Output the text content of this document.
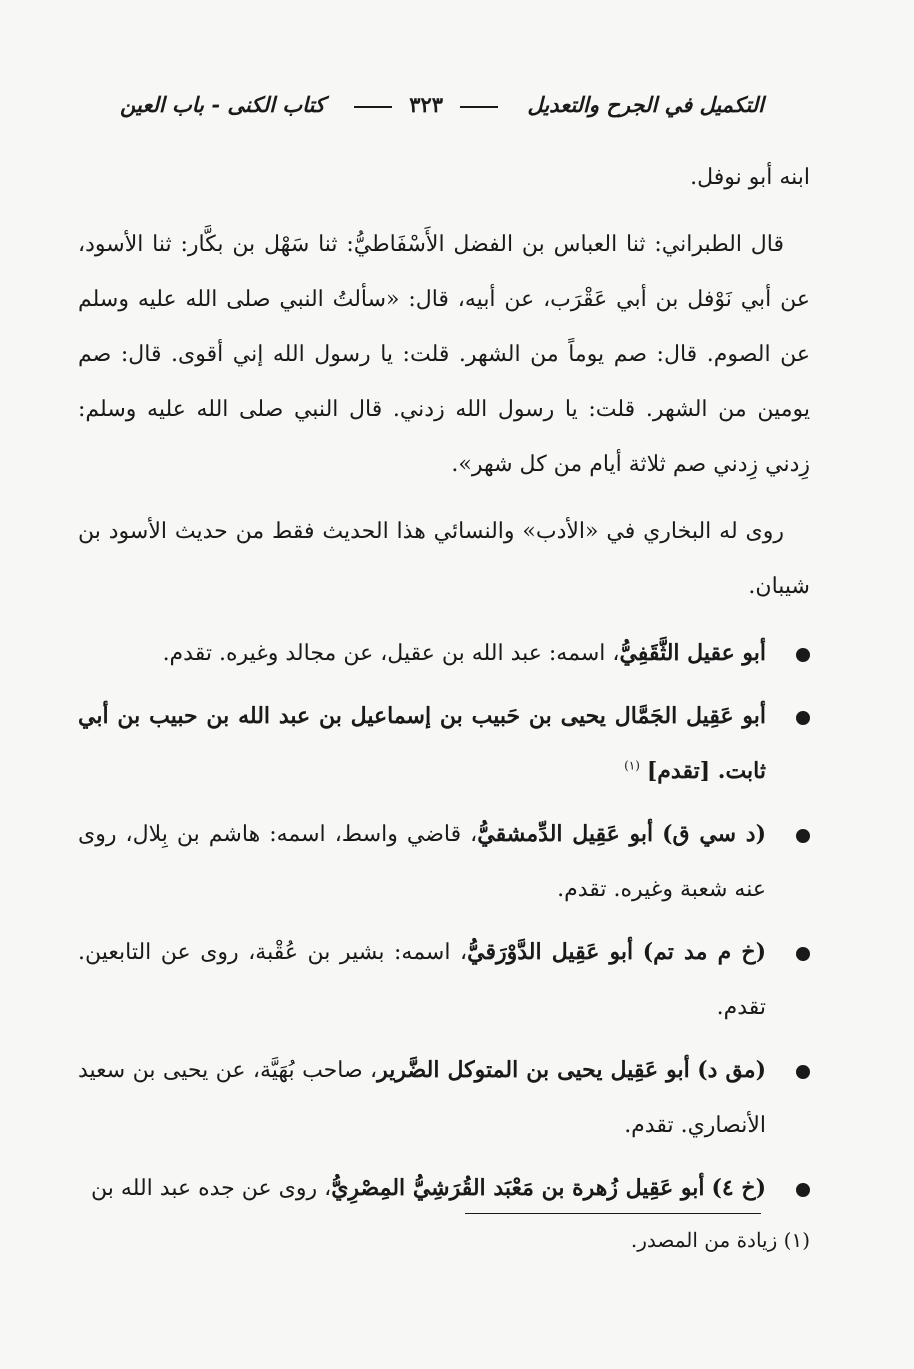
التكميل في الجرح والتعديل
٣٢٣
كتاب الكنى - باب العين

ابنه أبو نوفل.

قال الطبراني: ثنا العباس بن الفضل الأَسْفَاطيُّ: ثنا سَهْل بن بكَّار: ثنا الأسود، عن أبي نَوْفل بن أبي عَقْرَب، عن أبيه، قال: «سألتُ النبي صلى الله عليه وسلم عن الصوم. قال: صم يوماً من الشهر. قلت: يا رسول الله إني أقوى. قال: صم يومين من الشهر. قلت: يا رسول الله زدني. قال النبي صلى الله عليه وسلم: زِدني زِدني صم ثلاثة أيام من كل شهر».

روى له البخاري في «الأدب» والنسائي هذا الحديث فقط من حديث الأسود بن شيبان.

أبو عقيل الثَّقَفِيُّ، اسمه: عبد الله بن عقيل، عن مجالد وغيره. تقدم.
أبو عَقِيل الجَمَّال يحيى بن حَبيب بن إسماعيل بن عبد الله بن حبيب بن أبي ثابت. [تقدم] $^{(١)}$
(د سي ق) أبو عَقِيل الدِّمشقيُّ، قاضي واسط، اسمه: هاشم بن بِلال، روى عنه شعبة وغيره. تقدم.
(خ م مد تم) أبو عَقِيل الدَّوْرَقيُّ، اسمه: بشير بن عُقْبة، روى عن التابعين. تقدم.
(مق د) أبو عَقِيل يحيى بن المتوكل الضَّرير، صاحب بُهَيَّة، عن يحيى بن سعيد الأنصاري. تقدم.
(خ ٤) أبو عَقِيل زُهرة بن مَعْبَد القُرَشِيُّ المِصْرِيُّ، روى عن جده عبد الله بن
(١) زيادة من المصدر.
